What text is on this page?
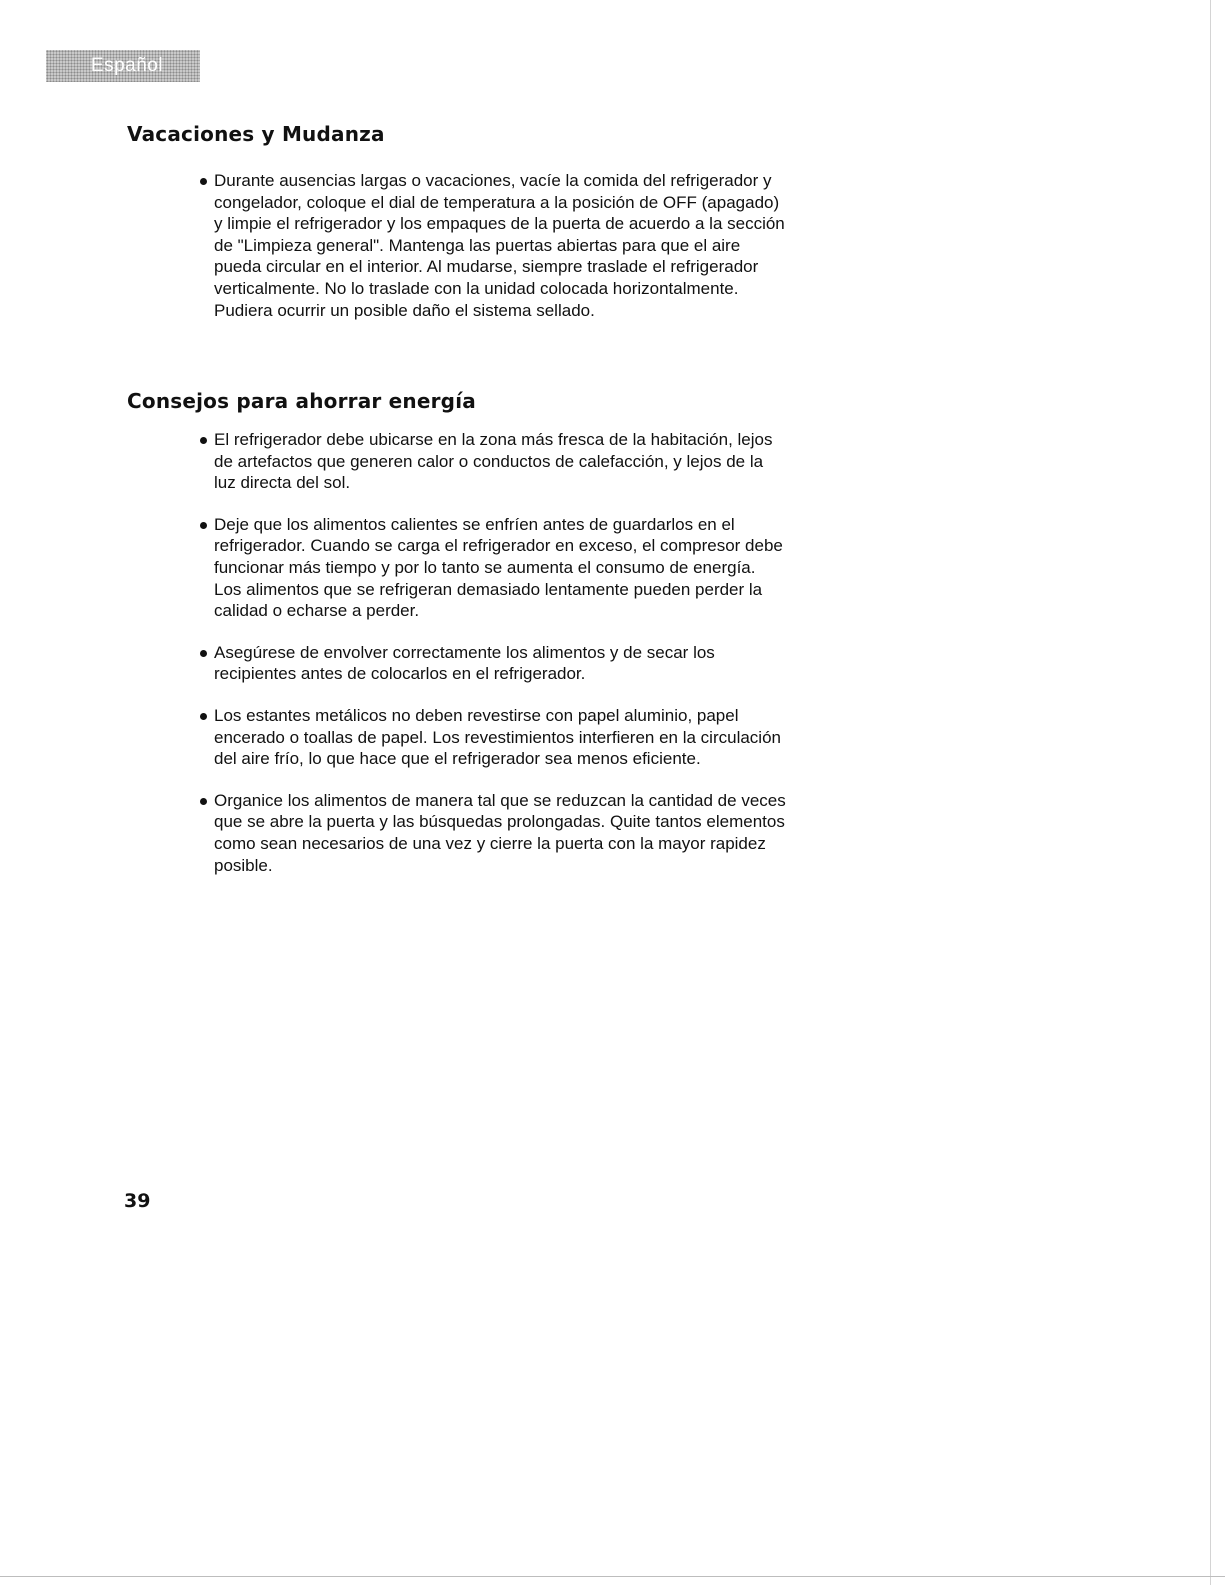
Español
Vacaciones y Mudanza
Durante ausencias largas o vacaciones, vacíe la comida del refrigerador y congelador, coloque el dial de temperatura a la posición de OFF (apagado) y limpie el refrigerador y los empaques de la puerta de acuerdo a la sección de "Limpieza general". Mantenga las puertas abiertas para que el aire pueda circular en el interior. Al mudarse, siempre traslade el refrigerador verticalmente. No lo traslade con la unidad colocada horizontalmente. Pudiera ocurrir un posible daño el sistema sellado.
Consejos para ahorrar energía
El refrigerador debe ubicarse en la zona más fresca de la habitación, lejos de artefactos que generen calor o conductos de calefacción, y lejos de la luz directa del sol.
Deje que los alimentos calientes se enfríen antes de guardarlos en el refrigerador. Cuando se carga el refrigerador en exceso, el compresor debe funcionar más tiempo y por lo tanto se aumenta el consumo de energía. Los alimentos que se refrigeran demasiado lentamente pueden perder la calidad o echarse a perder.
Asegúrese de envolver correctamente los alimentos y de secar los recipientes antes de colocarlos en el refrigerador.
Los estantes metálicos no deben revestirse con papel aluminio, papel encerado o toallas de papel. Los revestimientos interfieren en la circulación del aire frío, lo que hace que el refrigerador sea menos eficiente.
Organice los alimentos de manera tal que se reduzcan la cantidad de veces que se abre la puerta y las búsquedas prolongadas. Quite tantos elementos como sean necesarios de una vez y cierre la puerta con la mayor rapidez posible.
39
